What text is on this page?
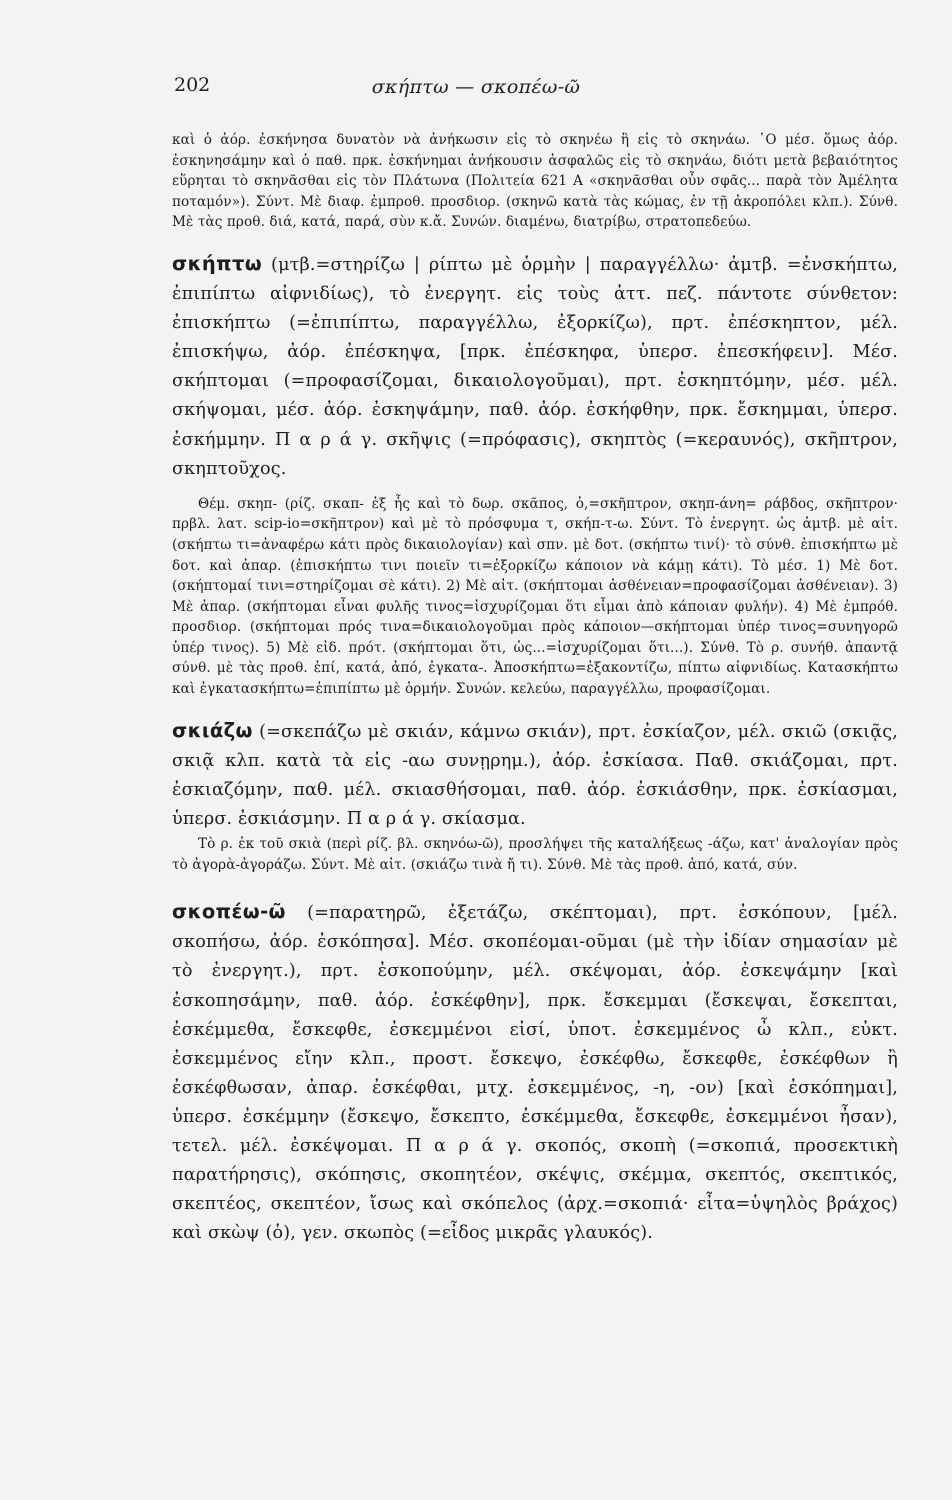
202	σκήπτω — σκοπέω-ῶ

καὶ ὁ ἀόρ. ἐσκήνησα δυνατὸν νὰ ἀνήκωσιν εἰς τὸ σκηνέω ἢ εἰς τὸ σκηνάω. ῾Ο μέσ. ὅμως ἀόρ. ἐσκηνησάμην καὶ ὁ παθ. πρκ. ἐσκήνημαι ἀνήκουσιν ἀσφαλῶς εἰς τὸ σκηνάω, διότι μετὰ βεβαιότητος εὕρηται τὸ σκηνᾶσθαι εἰς τὸν Πλάτωνα (Πολιτεία 621 Α «σκηνᾶσθαι οὖν σφᾶς... παρὰ τὸν Ἀμέλητα ποταμόν»). Σύντ. Μὲ διαφ. ἐμπροθ. προσδιορ. (σκηνῶ κατὰ τὰς κώμας, ἐν τῇ ἀκροπόλει κλπ.). Σύνθ. Μὲ τὰς προθ. διά, κατά, παρά, σὺν κ.ἄ. Συνών. διαμένω, διατρίβω, στρατοπεδεύω.

σκήπτω (μτβ.=στηρίζω | ρίπτω μὲ ὁρμὴν | παραγγέλλω· ἀμτβ. =ἐνσκήπτω, ἐπιπίπτω αἰφνιδίως), τὸ ἐνεργητ. εἰς τοὺς ἀττ. πεζ. πάντοτε σύνθετον: ἐπισκήπτω (=ἐπιπίπτω, παραγγέλλω, ἐξορκίζω), πρτ. ἐπέσκηπτον, μέλ. ἐπισκήψω, ἀόρ. ἐπέσκηψα, [πρκ. ἐπέσκηφα, ὑπερσ. ἐπεσκήφειν]. Μέσ. σκήπτομαι (=προφασίζομαι, δικαιολογοῦμαι), πρτ. ἐσκηπτόμην, μέσ. μέλ. σκήψομαι, μέσ. ἀόρ. ἐσκηψάμην, παθ. ἀόρ. ἐσκήφθην, πρκ. ἔσκημμαι, ὑπερσ. ἐσκήμμην. Π α ρ ά γ. σκῆψις (=πρόφασις), σκηπτὸς (=κεραυνός), σκῆπτρον, σκηπτοῦχος.

Θέμ. σκηπ- (ρίζ. σκαπ- ἐξ ἧς καὶ τὸ δωρ. σκᾶπος, ὁ,=σκῆπτρον, σκηπ-άνη= ράβδος, σκῆπτρον· πρβλ. λατ. scip-io=σκῆπτρον) καὶ μὲ τὸ πρόσφυμα τ, σκήπ-τ-ω. Σύντ. Τὸ ἐνεργητ. ὡς ἀμτβ. μὲ αἰτ. (σκήπτω τι=ἀναφέρω κάτι πρὸς δικαιολογίαν) καὶ σπν. μὲ δοτ. (σκήπτω τινί)· τὸ σύνθ. ἐπισκήπτω μὲ δοτ. καὶ ἀπαρ. (ἐπισκήπτω τινι ποιεῖν τι=ἐξορκίζω κάποιον νὰ κάμῃ κάτι). Τὸ μέσ. 1) Μὲ δοτ. (σκήπτομαί τινι=στηρίζομαι σὲ κάτι). 2) Μὲ αἰτ. (σκήπτομαι ἀσθένειαν=προφασίζομαι ἀσθένειαν). 3) Μὲ ἀπαρ. (σκήπτομαι εἶναι φυλῆς τινος=ἰσχυρίζομαι ὅτι εἶμαι ἀπὸ κάποιαν φυλήν). 4) Μὲ ἐμπρόθ. προσδιορ. (σκήπτομαι πρός τινα=δικαιολογοῦμαι πρὸς κάποιον—σκήπτομαι ὑπέρ τινος=συνηγορῶ ὑπέρ τινος). 5) Μὲ εἰδ. πρότ. (σκήπτομαι ὅτι, ὡς...=ἰσχυρίζομαι ὅτι...). Σύνθ. Τὸ ρ. συνήθ. ἀπαντᾷ σύνθ. μὲ τὰς προθ. ἐπί, κατά, ἀπό, ἐγκατα-. Ἀποσκήπτω=ἐξακοντίζω, πίπτω αἰφνιδίως. Κατασκήπτω καὶ ἐγκατασκήπτω=ἐπιπίπτω μὲ ὁρμήν. Συνών. κελεύω, παραγγέλλω, προφασίζομαι.

σκιάζω (=σκεπάζω μὲ σκιάν, κάμνω σκιάν), πρτ. ἐσκίαζον, μέλ. σκιῶ (σκιᾷς, σκιᾷ κλπ. κατὰ τὰ εἰς -αω συνῃρημ.), ἀόρ. ἐσκίασα. Παθ. σκιάζομαι, πρτ. ἐσκιαζόμην, παθ. μέλ. σκιασθήσομαι, παθ. ἀόρ. ἐσκιάσθην, πρκ. ἐσκίασμαι, ὑπερσ. ἐσκιάσμην. Π α ρ ά γ. σκίασμα.

Τὸ ρ. ἐκ τοῦ σκιὰ (περὶ ρίζ. βλ. σκηνόω-ῶ), προσλήψει τῆς καταλήξεως -άζω, κατ' ἀναλογίαν πρὸς τὸ ἀγορὰ-ἀγοράζω. Σύντ. Μὲ αἰτ. (σκιάζω τινὰ ἤ τι). Σύνθ. Μὲ τὰς προθ. ἀπό, κατά, σύν.

σκοπέω-ῶ (=παρατηρῶ, ἐξετάζω, σκέπτομαι), πρτ. ἐσκόπουν, [μέλ. σκοπήσω, ἀόρ. ἐσκόπησα]. Μέσ. σκοπέομαι-οῦμαι (μὲ τὴν ἰδίαν σημασίαν μὲ τὸ ἐνεργητ.), πρτ. ἐσκοπούμην, μέλ. σκέψομαι, ἀόρ. ἐσκεψάμην [καὶ ἐσκοπησάμην, παθ. ἀόρ. ἐσκέφθην], πρκ. ἔσκεμμαι (ἔσκεψαι, ἔσκεπται, ἐσκέμμεθα, ἔσκεφθε, ἐσκεμμένοι εἰσί, ὑποτ. ἐσκεμμένος ὦ κλπ., εὐκτ. ἐσκεμμένος εἴην κλπ., προστ. ἔσκεψο, ἐσκέφθω, ἔσκεφθε, ἐσκέφθων ἢ ἐσκέφθωσαν, ἀπαρ. ἐσκέφθαι, μτχ. ἐσκεμμένος, -η, -ον) [καὶ ἐσκόπημαι], ὑπερσ. ἐσκέμμην (ἔσκεψο, ἔσκεπτο, ἐσκέμμεθα, ἔσκεφθε, ἐσκεμμένοι ἦσαν), τετελ. μέλ. ἐσκέψομαι. Π α ρ ά γ. σκοπός, σκοπὴ (=σκοπιά, προσεκτικὴ παρατήρησις), σκόπησις, σκοπητέον, σκέψις, σκέμμα, σκεπτός, σκεπτικός, σκεπτέος, σκεπτέον, ἴσως καὶ σκόπελος (ἀρχ.=σκοπιά· εἶτα=ὑψηλὸς βράχος) καὶ σκὼψ (ὁ), γεν. σκωπὸς (=εἶδος μικρᾶς γλαυκός).
